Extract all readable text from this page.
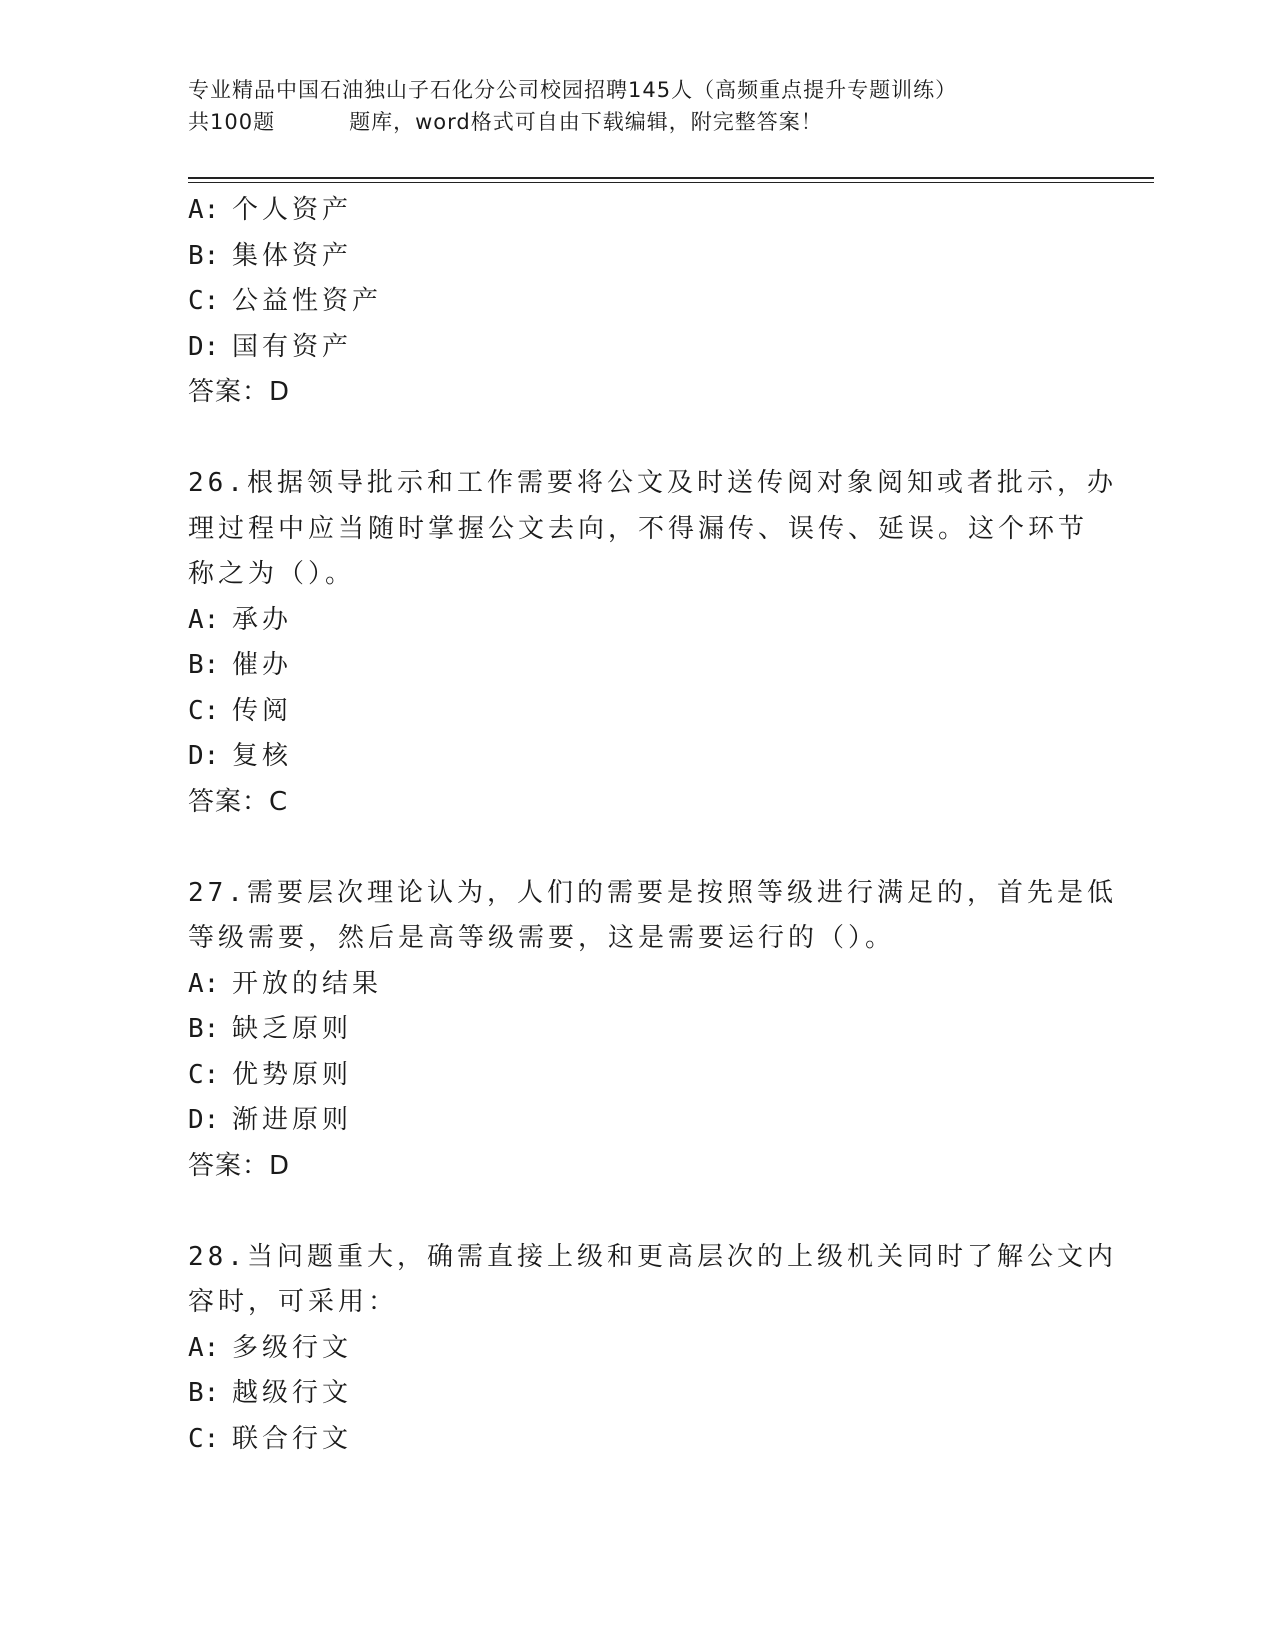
专业精品中国石油独山子石化分公司校园招聘145人（高频重点提升专题训练）
共100题	题库，word格式可自由下载编辑，附完整答案！
A: 个人资产
B: 集体资产
C: 公益性资产
D: 国有资产
答案：D
26.根据领导批示和工作需要将公文及时送传阅对象阅知或者批示，办
理过程中应当随时掌握公文去向，不得漏传、误传、延误。这个环节
称之为（）。
A: 承办
B: 催办
C: 传阅
D: 复核
答案：C
27.需要层次理论认为，人们的需要是按照等级进行满足的，首先是低
等级需要，然后是高等级需要，这是需要运行的（）。
A: 开放的结果
B: 缺乏原则
C: 优势原则
D: 渐进原则
答案：D
28.当问题重大，确需直接上级和更高层次的上级机关同时了解公文内
容时，可采用：
A: 多级行文
B: 越级行文
C: 联合行文
